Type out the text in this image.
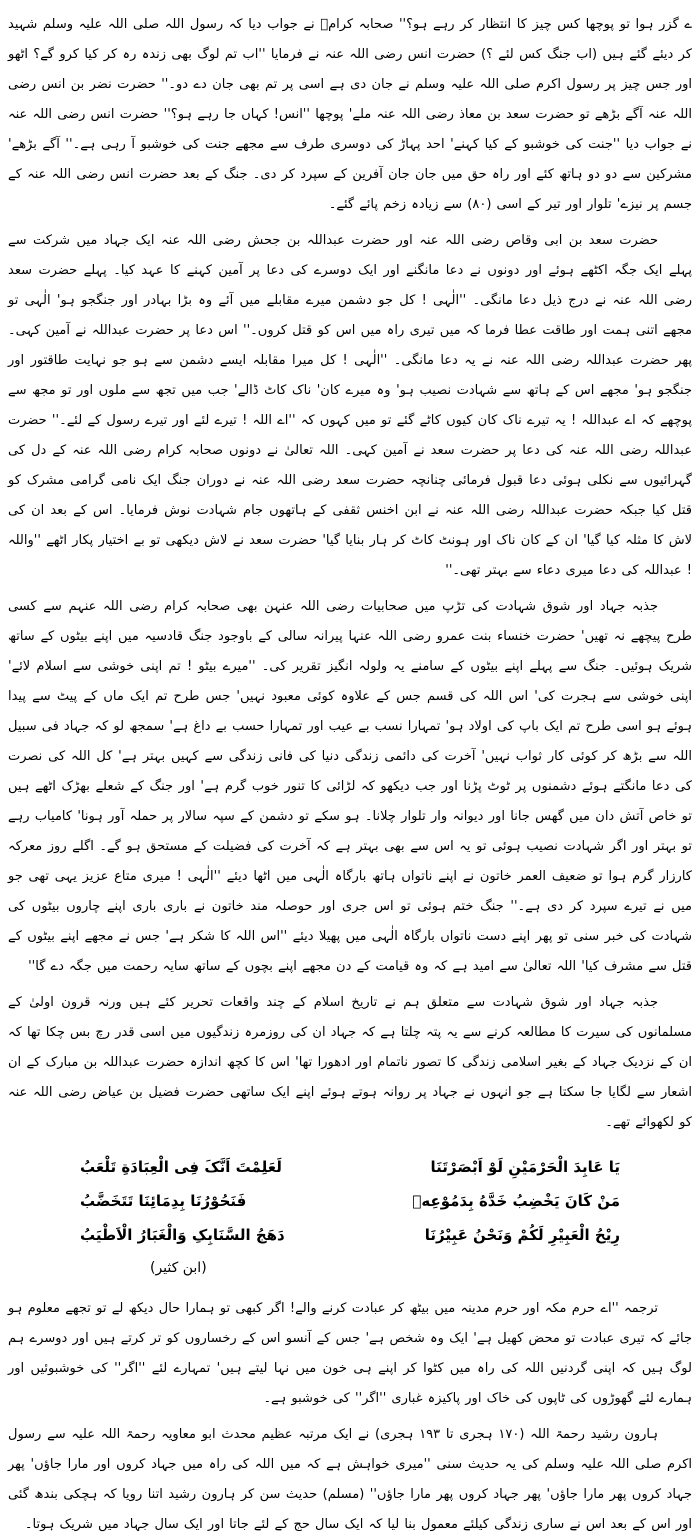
ے گزر ہوا تو پوچھا کس چیز کا انتظار کر رہے ہو؟'' صحابہ کرامؓ نے جواب دیا کہ رسول اللہ صلی اللہ علیہ وسلم شہید کر دیئے گئے ہیں (اب جنگ کس لئے ؟) حضرت انس رضی اللہ عنہ نے فرمایا ''اب تم لوگ بھی زندہ رہ کر کیا کرو گے؟ اٹھو اور جس چیز پر رسول اکرم صلی اللہ علیہ وسلم نے جان دی ہے اسی پر تم بھی جان دے دو۔'' حضرت نضر بن انس رضی اللہ عنہ آگے بڑھے تو حضرت سعد بن معاذ رضی اللہ عنہ ملے' پوچھا ''انس! کہاں جا رہے ہو؟'' حضرت انس رضی اللہ عنہ نے جواب دیا ''جنت کی خوشبو کے کیا کہنے' احد پہاڑ کی دوسری طرف سے مجھے جنت کی خوشبو آ رہی ہے۔'' آگے بڑھے' مشرکین سے دو دو ہاتھ کئے اور راہ حق میں جان جان آفرین کے سپرد کر دی۔ جنگ کے بعد حضرت انس رضی اللہ عنہ کے جسم پر نیزے' تلوار اور تیر کے اسی (۸۰) سے زیادہ زخم پائے گئے۔

حضرت سعد بن ابی وقاص رضی اللہ عنہ اور حضرت عبداللہ بن جحش رضی اللہ عنہ ایک جہاد میں شرکت سے پہلے ایک جگہ اکٹھے ہوئے اور دونوں نے دعا مانگنے اور ایک دوسرے کی دعا پر آمین کہنے کا عہد کیا۔ پہلے حضرت سعد رضی اللہ عنہ نے درج ذیل دعا مانگی۔ ''الٰہی ! کل جو دشمن میرے مقابلے میں آئے وہ بڑا بہادر اور جنگجو ہو' الٰہی تو مجھے اتنی ہمت اور طاقت عطا فرما کہ میں تیری راہ میں اس کو قتل کروں۔'' اس دعا پر حضرت عبداللہ نے آمین کہی۔ پھر حضرت عبداللہ رضی اللہ عنہ نے یہ دعا مانگی۔ ''الٰہی ! کل میرا مقابلہ ایسے دشمن سے ہو جو نہایت طاقتور اور جنگجو ہو' مجھے اس کے ہاتھ سے شہادت نصیب ہو' وہ میرے کان' ناک کاٹ ڈالے' جب میں تجھ سے ملوں اور تو مجھ سے پوچھے کہ اے عبداللہ ! یہ تیرے ناک کان کیوں کاٹے گئے تو میں کہوں کہ ''اے اللہ ! تیرے لئے اور تیرے رسول کے لئے۔'' حضرت عبداللہ رضی اللہ عنہ کی دعا پر حضرت سعد نے آمین کہی۔ اللہ تعالیٰ نے دونوں صحابہ کرام رضی اللہ عنہ کے دل کی گہرائیوں سے نکلی ہوئی دعا قبول فرمائی چنانچہ حضرت سعد رضی اللہ عنہ نے دوران جنگ ایک نامی گرامی مشرک کو قتل کیا جبکہ حضرت عبداللہ رضی اللہ عنہ نے ابن اخنس ثقفی کے ہاتھوں جام شہادت نوش فرمایا۔ اس کے بعد ان کی لاش کا مثلہ کیا گیا' ان کے کان ناک اور ہونٹ کاٹ کر ہار بنایا گیا' حضرت سعد نے لاش دیکھی تو بے اختیار پکار اٹھے ''واللہ ! عبداللہ کی دعا میری دعاء سے بہتر تھی۔''

جذبہ جہاد اور شوق شہادت کی تڑپ میں صحابیات رضی اللہ عنہن بھی صحابہ کرام رضی اللہ عنہم سے کسی طرح پیچھے نہ تھیں' حضرت خنساء بنت عمرو رضی اللہ عنہا پیرانہ سالی کے باوجود جنگ قادسیہ میں اپنے بیٹوں کے ساتھ شریک ہوئیں۔ جنگ سے پہلے اپنے بیٹوں کے سامنے یہ ولولہ انگیز تقریر کی۔ ''میرے بیٹو ! تم اپنی خوشی سے اسلام لائے' اپنی خوشی سے ہجرت کی' اس اللہ کی قسم جس کے علاوہ کوئی معبود نہیں' جس طرح تم ایک ماں کے پیٹ سے پیدا ہوئے ہو اسی طرح تم ایک باپ کی اولاد ہو' تمہارا نسب بے عیب اور تمہارا حسب بے داغ ہے' سمجھ لو کہ جہاد فی سبیل اللہ سے بڑھ کر کوئی کار ثواب نہیں' آخرت کی دائمی زندگی دنیا کی فانی زندگی سے کہیں بہتر ہے' کل اللہ کی نصرت کی دعا مانگتے ہوئے دشمنوں پر ٹوٹ پڑنا اور جب دیکھو کہ لڑائی کا تنور خوب گرم ہے' اور جنگ کے شعلے بھڑک اٹھے ہیں تو خاص آتش دان میں گھس جانا اور دیوانہ وار تلوار چلانا۔ ہو سکے تو دشمن کے سپہ سالار پر حملہ آور ہونا' کامیاب رہے تو بہتر اور اگر شہادت نصیب ہوئی تو یہ اس سے بھی بہتر ہے کہ آخرت کی فضیلت کے مستحق ہو گے۔ اگلے روز معرکہ کارزار گرم ہوا تو ضعیف العمر خاتون نے اپنے ناتواں ہاتھ بارگاہ الٰہی میں اٹھا دیئے ''الٰہی ! میری متاع عزیز یہی تھی جو میں نے تیرے سپرد کر دی ہے۔'' جنگ ختم ہوئی تو اس جری اور حوصلہ مند خاتون نے باری باری اپنے چاروں بیٹوں کی شہادت کی خبر سنی تو پھر اپنے دست ناتواں بارگاہ الٰہی میں پھیلا دیئے ''اس اللہ کا شکر ہے' جس نے مجھے اپنے بیٹوں کے قتل سے مشرف کیا' اللہ تعالیٰ سے امید ہے کہ وہ قیامت کے دن مجھے اپنے بچوں کے ساتھ سایہ رحمت میں جگہ دے گا''

جذبہ جہاد اور شوق شہادت سے متعلق ہم نے تاریخ اسلام کے چند واقعات تحریر کئے ہیں ورنہ قرون اولیٰ کے مسلمانوں کی سیرت کا مطالعہ کرنے سے یہ پتہ چلتا ہے کہ جہاد ان کی روزمرہ زندگیوں میں اسی قدر رچ بس چکا تھا کہ ان کے نزدیک جہاد کے بغیر اسلامی زندگی کا تصور ناتمام اور ادھورا تھا' اس کا کچھ اندازہ حضرت عبداللہ بن مبارک کے ان اشعار سے لگایا جا سکتا ہے جو انہوں نے جہاد پر روانہ ہوتے ہوئے اپنے ایک ساتھی حضرت فضیل بن عیاض رضی اللہ عنہ کو لکھوائے تھے۔

یَا عَابِدَ الْحَرْمَیْنِ لَوْ اَبْصَرْتَنَا
لَعَلِمْتَ اَنَّکَ فِی الْعِبَادَةِ تَلْعَبُ
مَنْ کَانَ یَخْضِبُ خَدَّهُ بِدَمُوْعِهٖ
فَنَحُوْرُنَا بِدِمَائِنَا تَتَخَضَّبُ
رِیْحُ الْعَبِیْرِ لَکُمْ وَنَحْنُ عَبِیْرُنَا
دَهَجُ السَّنَابِکِ وَالْغَبَارُ الْاَطْیَبُ
(ابن کثیر)

ترجمہ ''اے حرم مکہ اور حرم مدینہ میں بیٹھ کر عبادت کرنے والے! اگر کبھی تو ہمارا حال دیکھ لے تو تجھے معلوم ہو جائے کہ تیری عبادت تو محض کھیل ہے' ایک وہ شخص ہے' جس کے آنسو اس کے رخساروں کو تر کرتے ہیں اور دوسرے ہم لوگ ہیں کہ اپنی گردنیں اللہ کی راہ میں کٹوا کر اپنے ہی خون میں نہا لیتے ہیں' تمہارے لئے ''اگر'' کی خوشبوئیں اور ہمارے لئے گھوڑوں کی ٹاپوں کی خاک اور پاکیزہ غباری ''اگر'' کی خوشبو ہے۔

ہارون رشید رحمۃ اللہ (۱۷۰ ہجری تا ۱۹۳ ہجری) نے ایک مرتبہ عظیم محدث ابو معاویہ رحمۃ اللہ علیہ سے رسول اکرم صلی اللہ علیہ وسلم کی یہ حدیث سنی ''میری خواہش ہے کہ میں اللہ کی راہ میں جہاد کروں اور مارا جاؤں' پھر جہاد کروں پھر مارا جاؤں' پھر جہاد کروں پھر مارا جاؤں'' (مسلم) حدیث سن کر ہارون رشید اتنا رویا کہ ہچکی بندھ گئی اور اس کے بعد اس نے ساری زندگی کیلئے معمول بنا لیا کہ ایک سال حج کے لئے جاتا اور ایک سال جہاد میں شریک ہوتا۔
